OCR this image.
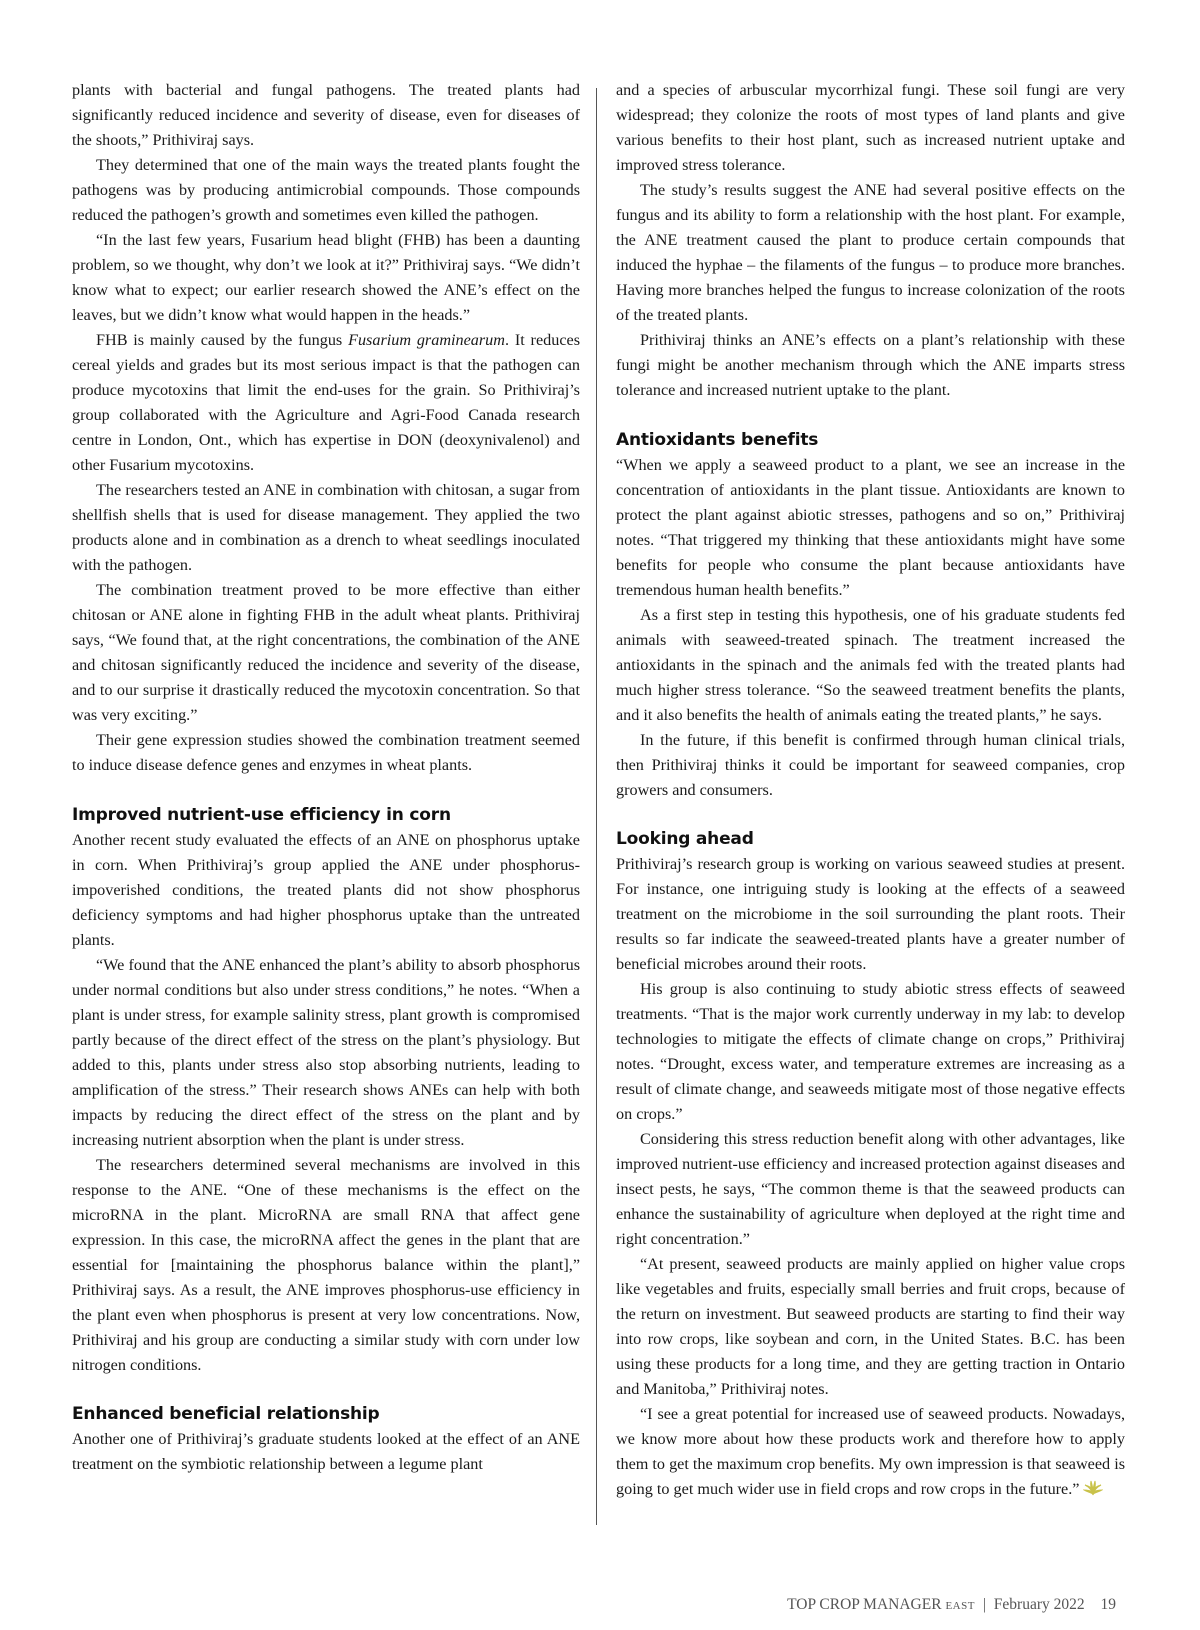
plants with bacterial and fungal pathogens. The treated plants had significantly reduced incidence and severity of disease, even for diseases of the shoots,” Prithiviraj says.

They determined that one of the main ways the treated plants fought the pathogens was by producing antimicrobial compounds. Those compounds reduced the pathogen’s growth and sometimes even killed the pathogen.

“In the last few years, Fusarium head blight (FHB) has been a daunting problem, so we thought, why don’t we look at it?” Prithiviraj says. “We didn’t know what to expect; our earlier research showed the ANE’s effect on the leaves, but we didn’t know what would happen in the heads.”

FHB is mainly caused by the fungus Fusarium graminearum. It reduces cereal yields and grades but its most serious impact is that the pathogen can produce mycotoxins that limit the end-uses for the grain. So Prithiviraj’s group collaborated with the Agriculture and Agri-Food Canada research centre in London, Ont., which has expertise in DON (deoxynivalenol) and other Fusarium mycotoxins.

The researchers tested an ANE in combination with chitosan, a sugar from shellfish shells that is used for disease management. They applied the two products alone and in combination as a drench to wheat seedlings inoculated with the pathogen.

The combination treatment proved to be more effective than either chitosan or ANE alone in fighting FHB in the adult wheat plants. Prithiviraj says, “We found that, at the right concentrations, the combination of the ANE and chitosan significantly reduced the incidence and severity of the disease, and to our surprise it drastically reduced the mycotoxin concentration. So that was very exciting.”

Their gene expression studies showed the combination treatment seemed to induce disease defence genes and enzymes in wheat plants.

Improved nutrient-use efficiency in corn

Another recent study evaluated the effects of an ANE on phosphorus uptake in corn. When Prithiviraj’s group applied the ANE under phosphorus-impoverished conditions, the treated plants did not show phosphorus deficiency symptoms and had higher phosphorus uptake than the untreated plants.

“We found that the ANE enhanced the plant’s ability to absorb phosphorus under normal conditions but also under stress conditions,” he notes. “When a plant is under stress, for example salinity stress, plant growth is compromised partly because of the direct effect of the stress on the plant’s physiology. But added to this, plants under stress also stop absorbing nutrients, leading to amplification of the stress.” Their research shows ANEs can help with both impacts by reducing the direct effect of the stress on the plant and by increasing nutrient absorption when the plant is under stress.

The researchers determined several mechanisms are involved in this response to the ANE. “One of these mechanisms is the effect on the microRNA in the plant. MicroRNA are small RNA that affect gene expression. In this case, the microRNA affect the genes in the plant that are essential for [maintaining the phosphorus balance within the plant],” Prithiviraj says. As a result, the ANE improves phosphorus-use efficiency in the plant even when phosphorus is present at very low concentrations. Now, Prithiviraj and his group are conducting a similar study with corn under low nitrogen conditions.

Enhanced beneficial relationship

Another one of Prithiviraj’s graduate students looked at the effect of an ANE treatment on the symbiotic relationship between a legume plant

and a species of arbuscular mycorrhizal fungi. These soil fungi are very widespread; they colonize the roots of most types of land plants and give various benefits to their host plant, such as increased nutrient uptake and improved stress tolerance.

The study’s results suggest the ANE had several positive effects on the fungus and its ability to form a relationship with the host plant. For example, the ANE treatment caused the plant to produce certain compounds that induced the hyphae – the filaments of the fungus – to produce more branches. Having more branches helped the fungus to increase colonization of the roots of the treated plants.

Prithiviraj thinks an ANE’s effects on a plant’s relationship with these fungi might be another mechanism through which the ANE imparts stress tolerance and increased nutrient uptake to the plant.

Antioxidants benefits

“When we apply a seaweed product to a plant, we see an increase in the concentration of antioxidants in the plant tissue. Antioxidants are known to protect the plant against abiotic stresses, pathogens and so on,” Prithiviraj notes. “That triggered my thinking that these antioxidants might have some benefits for people who consume the plant because antioxidants have tremendous human health benefits.”

As a first step in testing this hypothesis, one of his graduate students fed animals with seaweed-treated spinach. The treatment increased the antioxidants in the spinach and the animals fed with the treated plants had much higher stress tolerance. “So the seaweed treatment benefits the plants, and it also benefits the health of animals eating the treated plants,” he says.

In the future, if this benefit is confirmed through human clinical trials, then Prithiviraj thinks it could be important for seaweed companies, crop growers and consumers.

Looking ahead

Prithiviraj’s research group is working on various seaweed studies at present. For instance, one intriguing study is looking at the effects of a seaweed treatment on the microbiome in the soil surrounding the plant roots. Their results so far indicate the seaweed-treated plants have a greater number of beneficial microbes around their roots.

His group is also continuing to study abiotic stress effects of seaweed treatments. “That is the major work currently underway in my lab: to develop technologies to mitigate the effects of climate change on crops,” Prithiviraj notes. “Drought, excess water, and temperature extremes are increasing as a result of climate change, and seaweeds mitigate most of those negative effects on crops.”

Considering this stress reduction benefit along with other advantages, like improved nutrient-use efficiency and increased protection against diseases and insect pests, he says, “The common theme is that the seaweed products can enhance the sustainability of agriculture when deployed at the right time and right concentration.”

“At present, seaweed products are mainly applied on higher value crops like vegetables and fruits, especially small berries and fruit crops, because of the return on investment. But seaweed products are starting to find their way into row crops, like soybean and corn, in the United States. B.C. has been using these products for a long time, and they are getting traction in Ontario and Manitoba,” Prithiviraj notes.

“I see a great potential for increased use of seaweed products. Nowadays, we know more about how these products work and therefore how to apply them to get the maximum crop benefits. My own impression is that seaweed is going to get much wider use in field crops and row crops in the future.”

TOP CROP MANAGER EAST | February 2022 19
